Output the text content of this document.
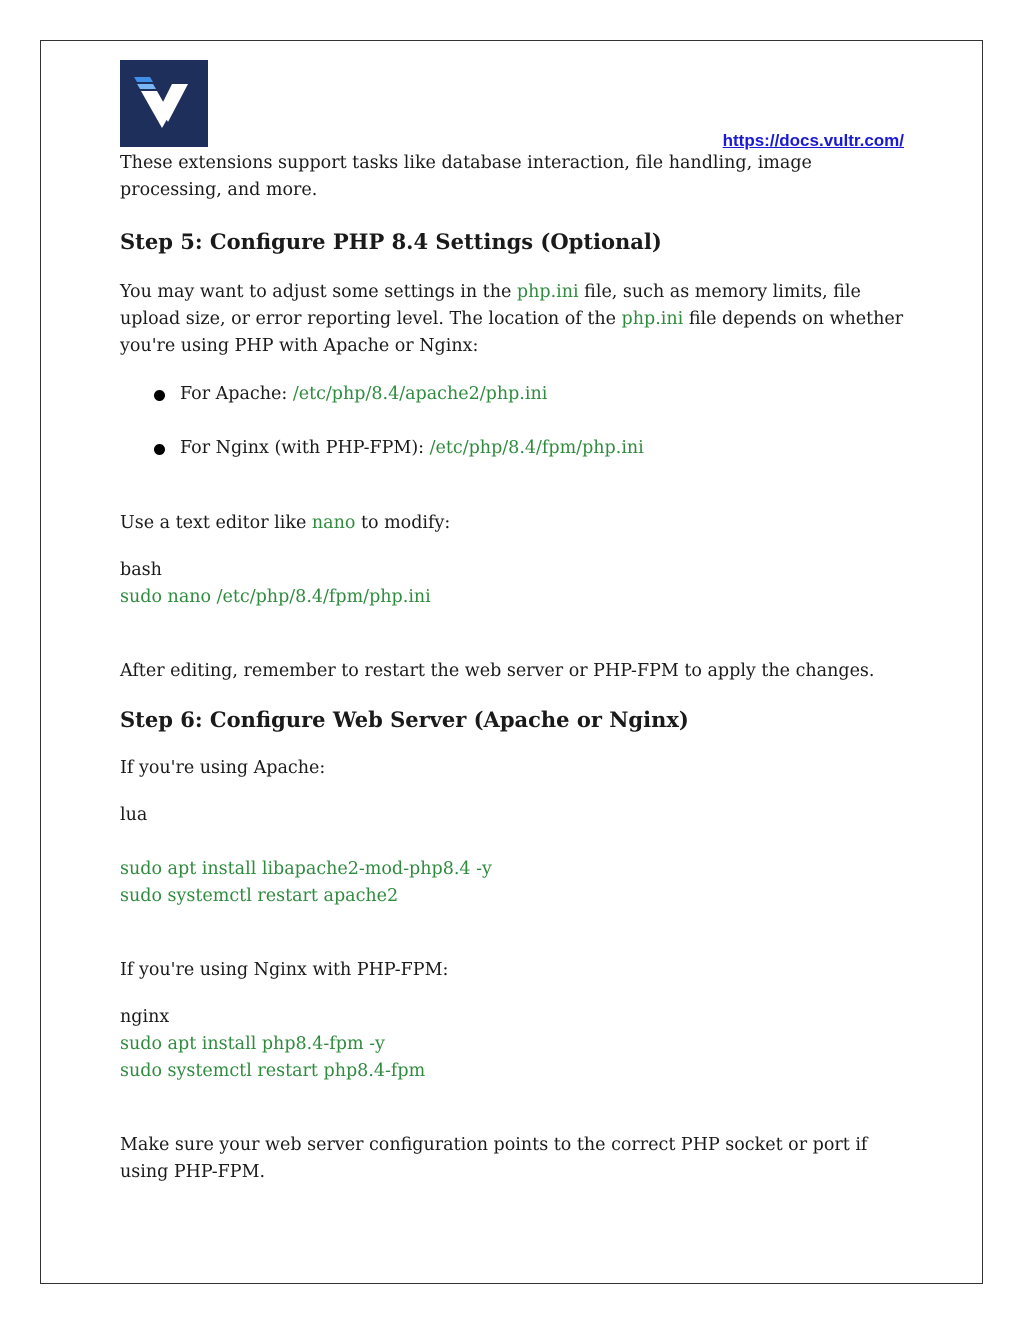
https://docs.vultr.com/

These extensions support tasks like database interaction, file handling, image processing, and more.

Step 5: Configure PHP 8.4 Settings (Optional)

You may want to adjust some settings in the php.ini file, such as memory limits, file upload size, or error reporting level. The location of the php.ini file depends on whether you're using PHP with Apache or Nginx:

For Apache: /etc/php/8.4/apache2/php.ini
For Nginx (with PHP-FPM): /etc/php/8.4/fpm/php.ini

Use a text editor like nano to modify:

bash

sudo nano /etc/php/8.4/fpm/php.ini

After editing, remember to restart the web server or PHP-FPM to apply the changes.

Step 6: Configure Web Server (Apache or Nginx)

If you're using Apache:

lua

sudo apt install libapache2-mod-php8.4 -y

sudo systemctl restart apache2

If you're using Nginx with PHP-FPM:

nginx

sudo apt install php8.4-fpm -y

sudo systemctl restart php8.4-fpm

Make sure your web server configuration points to the correct PHP socket or port if using PHP-FPM.
